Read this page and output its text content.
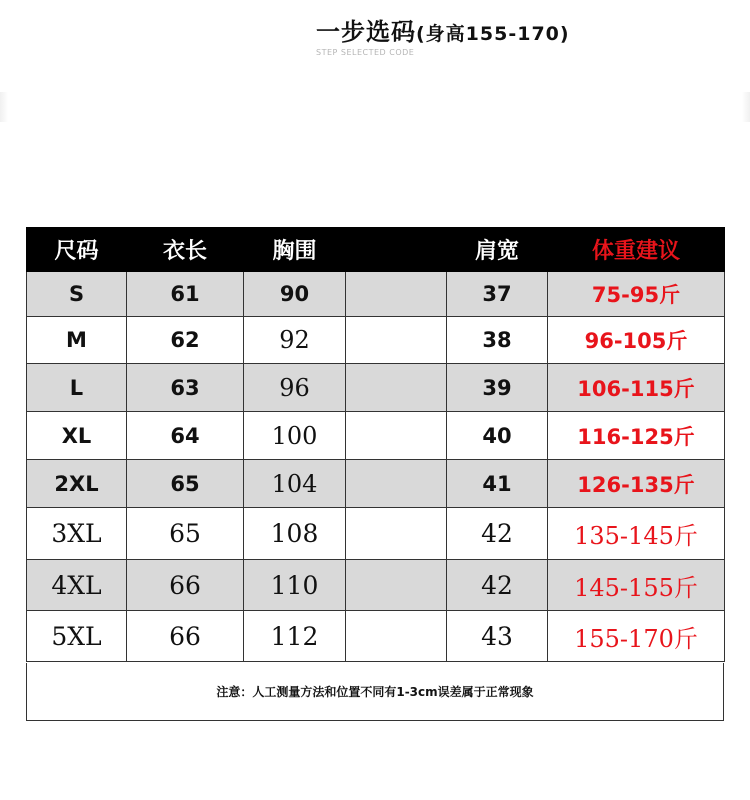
一步选码(身高155-170)
STEP SELECTED CODE
尺码	衣长	胸围		肩宽	体重建议
S	61	90		37	75-95斤
M	62	92		38	96-105斤
L	63	96		39	106-115斤
XL	64	100		40	116-125斤
2XL	65	104		41	126-135斤
3XL	65	108		42	135-145斤
4XL	66	110		42	145-155斤
5XL	66	112		43	155-170斤
注意：人工测量方法和位置不同有1-3cm误差属于正常现象
